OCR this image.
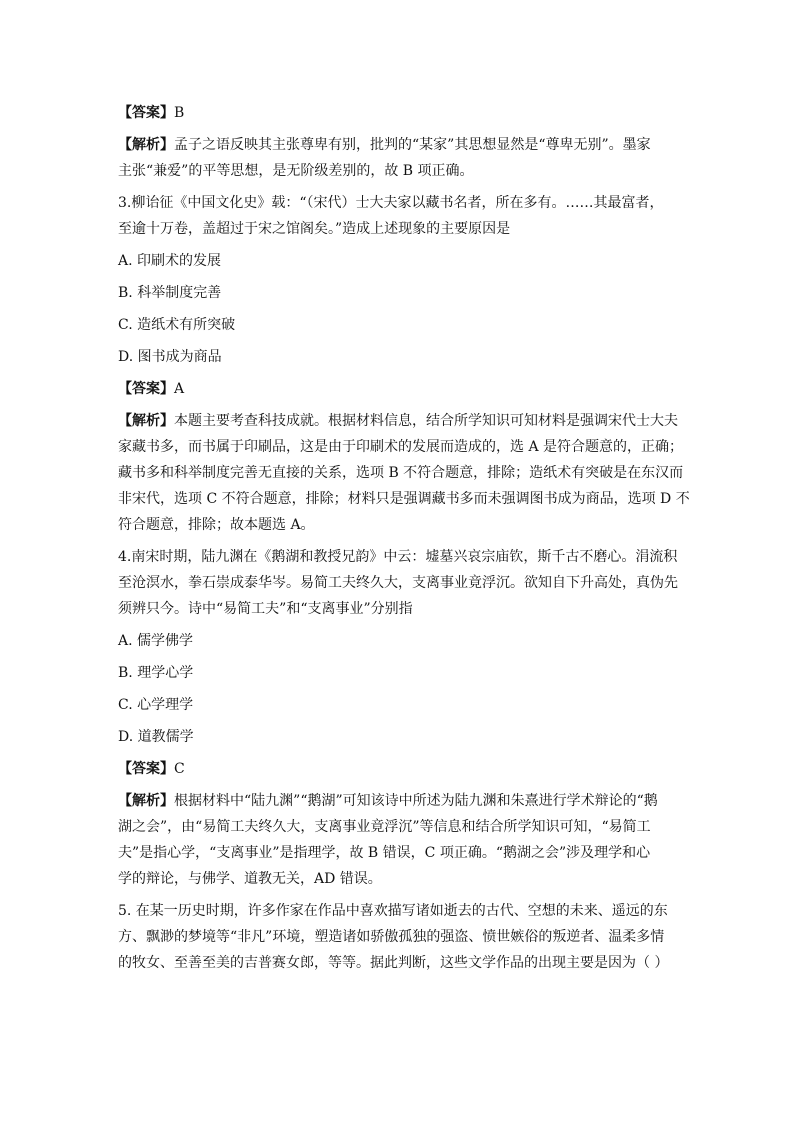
【答案】B
【解析】孟子之语反映其主张尊卑有别，批判的“某家”其思想显然是“尊卑无别”。墨家
主张“兼爱”的平等思想，是无阶级差别的，故 B 项正确。
3.柳诒征《中国文化史》载：“（宋代）士大夫家以藏书名者，所在多有。……其最富者，
至逾十万卷，盖超过于宋之馆阁矣。”造成上述现象的主要原因是
A. 印刷术的发展
B. 科举制度完善
C. 造纸术有所突破
D. 图书成为商品
【答案】A
【解析】本题主要考查科技成就。根据材料信息，结合所学知识可知材料是强调宋代士大夫
家藏书多，而书属于印刷品，这是由于印刷术的发展而造成的，选 A 是符合题意的，正确；
藏书多和科举制度完善无直接的关系，选项 B 不符合题意，排除；造纸术有突破是在东汉而
非宋代，选项 C 不符合题意，排除；材料只是强调藏书多而未强调图书成为商品，选项 D 不
符合题意，排除；故本题选 A。
4.南宋时期，陆九渊在《鹅湖和教授兄韵》中云：墟墓兴哀宗庙钦，斯千古不磨心。涓流积
至沧溟水，拳石崇成泰华岑。易简工夫终久大，支离事业竟浮沉。欲知自下升高处，真伪先
须辨只今。诗中“易简工夫”和“支离事业”分别指
A. 儒学佛学
B. 理学心学
C. 心学理学
D. 道教儒学
【答案】C
【解析】根据材料中“陆九渊”“鹅湖”可知该诗中所述为陆九渊和朱熹进行学术辩论的“鹅
湖之会”，由“易简工夫终久大，支离事业竟浮沉”等信息和结合所学知识可知，“易简工
夫”是指心学，“支离事业”是指理学，故 B 错误，C 项正确。“鹅湖之会”涉及理学和心
学的辩论，与佛学、道教无关，AD 错误。
5. 在某一历史时期，许多作家在作品中喜欢描写诸如逝去的古代、空想的未来、遥远的东
方、飘渺的梦境等“非凡”环境，塑造诸如骄傲孤独的强盗、愤世嫉俗的叛逆者、温柔多情
的牧女、至善至美的吉普赛女郎，等等。据此判断，这些文学作品的出现主要是因为（ ）
